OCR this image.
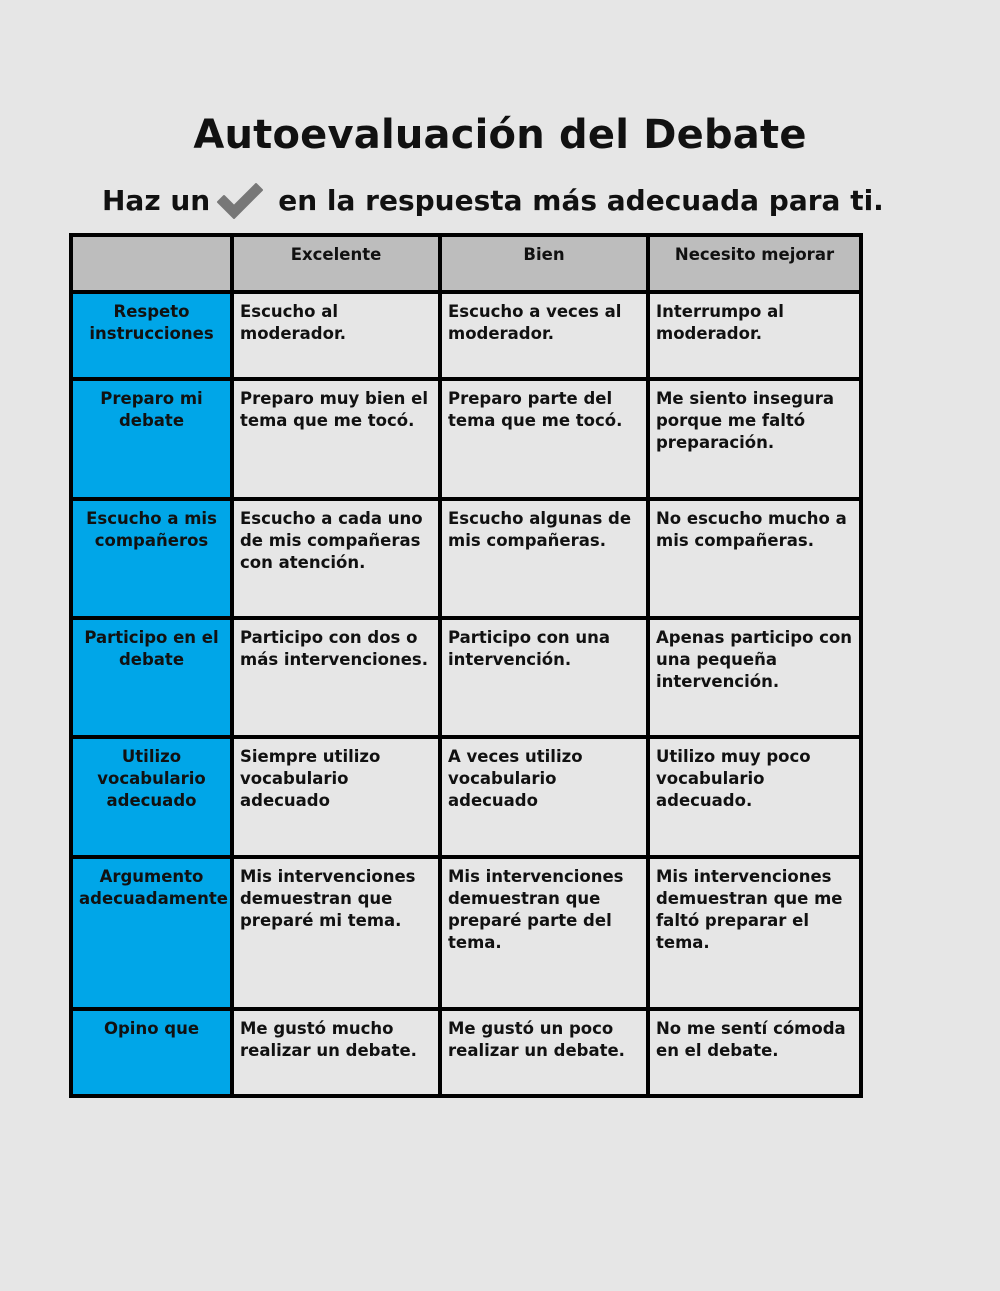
Autoevaluación del Debate
Haz un en la respuesta más adecuada para ti.
	Excelente	Bien	Necesito mejorar
Respeto instrucciones	Escucho al moderador.	Escucho a veces al moderador.	Interrumpo al moderador.
Preparo mi debate	Preparo muy bien el tema que me tocó.	Preparo parte del tema que me tocó.	Me siento insegura porque me faltó preparación.
Escucho a mis compañeros	Escucho a cada uno de mis compañeras con atención.	Escucho algunas de mis compañeras.	No escucho mucho a mis compañeras.
Participo en el debate	Participo con dos o más intervenciones.	Participo con una intervención.	Apenas participo con una pequeña intervención.
Utilizo vocabulario adecuado	Siempre utilizo vocabulario adecuado	A veces utilizo vocabulario adecuado	Utilizo muy poco vocabulario adecuado.
Argumento adecuadamente	Mis intervenciones demuestran que preparé mi tema.	Mis intervenciones demuestran que preparé parte del tema.	Mis intervenciones demuestran que me faltó preparar el tema.
Opino que	Me gustó mucho realizar un debate.	Me gustó un poco realizar un debate.	No me sentí cómoda en el debate.
